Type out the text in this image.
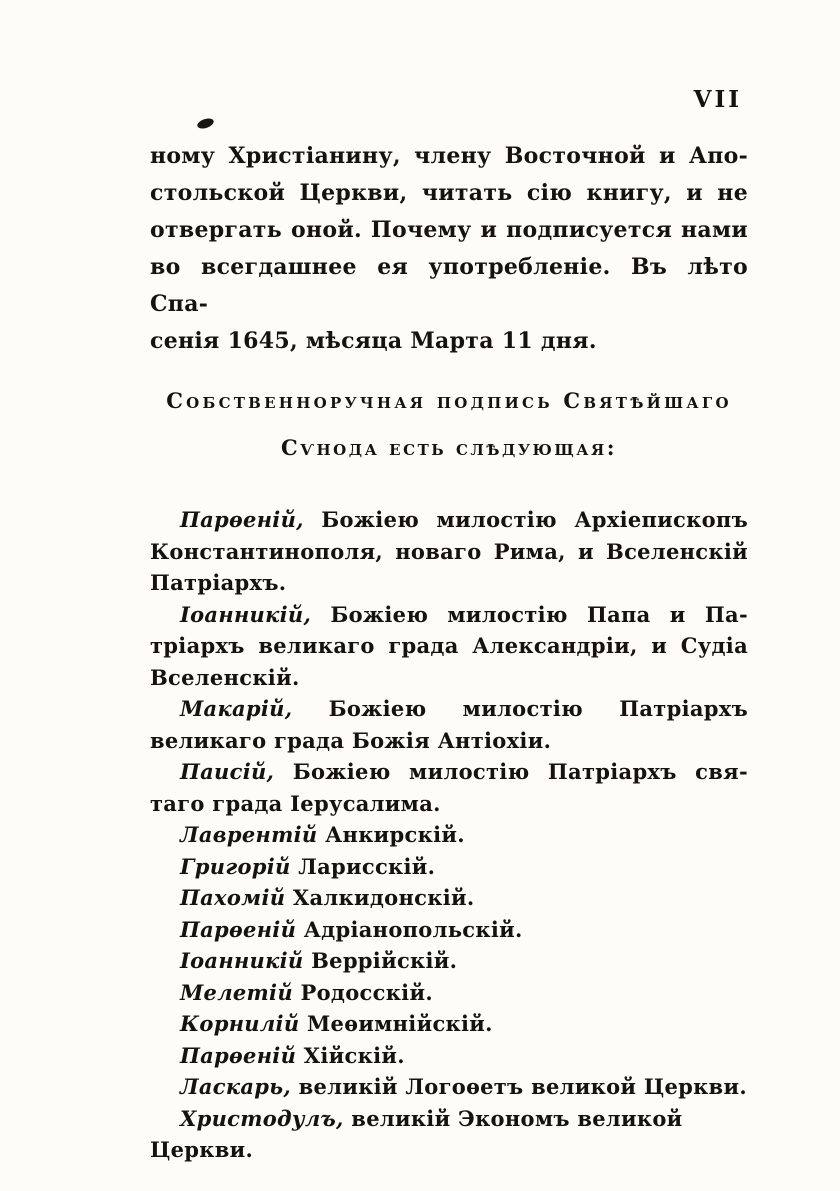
VII
ному Христіанину, члену Восточной и Апо-
стольской Церкви, читать сію книгу, и не
отвергать оной. Почему и подписуется нами
во всегдашнее ея употребленіе. Въ лѣто Спа-
сенія 1645, мѣсяца Марта 11 дня.
Собственноручная подпись Святѣйшаго
Сѵнода есть слѣдующая:
Парѳеній, Божіею милостію Архіепископъ
Константинополя, новаго Рима, и Вселенскій
Патріархъ.
Іоанникій, Божіею милостію Папа и Па-
тріархъ великаго града Александріи, и Судіа
Вселенскій.
Макарій, Божіею милостію Патріархъ
великаго града Божія Антіохіи.
Паисій, Божіею милостію Патріархъ свя-
таго града Іерусалима.
Лаврентій Анкирскій.
Григорій Ларисскій.
Пахомій Халкидонскій.
Парѳеній Адріанопольскій.
Іоанникій Веррійскій.
Мелетій Родосскій.
Корнилій Меѳимнійскій.
Парѳеній Хійскій.
Ласкарь, великій Логоѳетъ великой Церкви.
Христодулъ, великій Экономъ великой Церкви.
